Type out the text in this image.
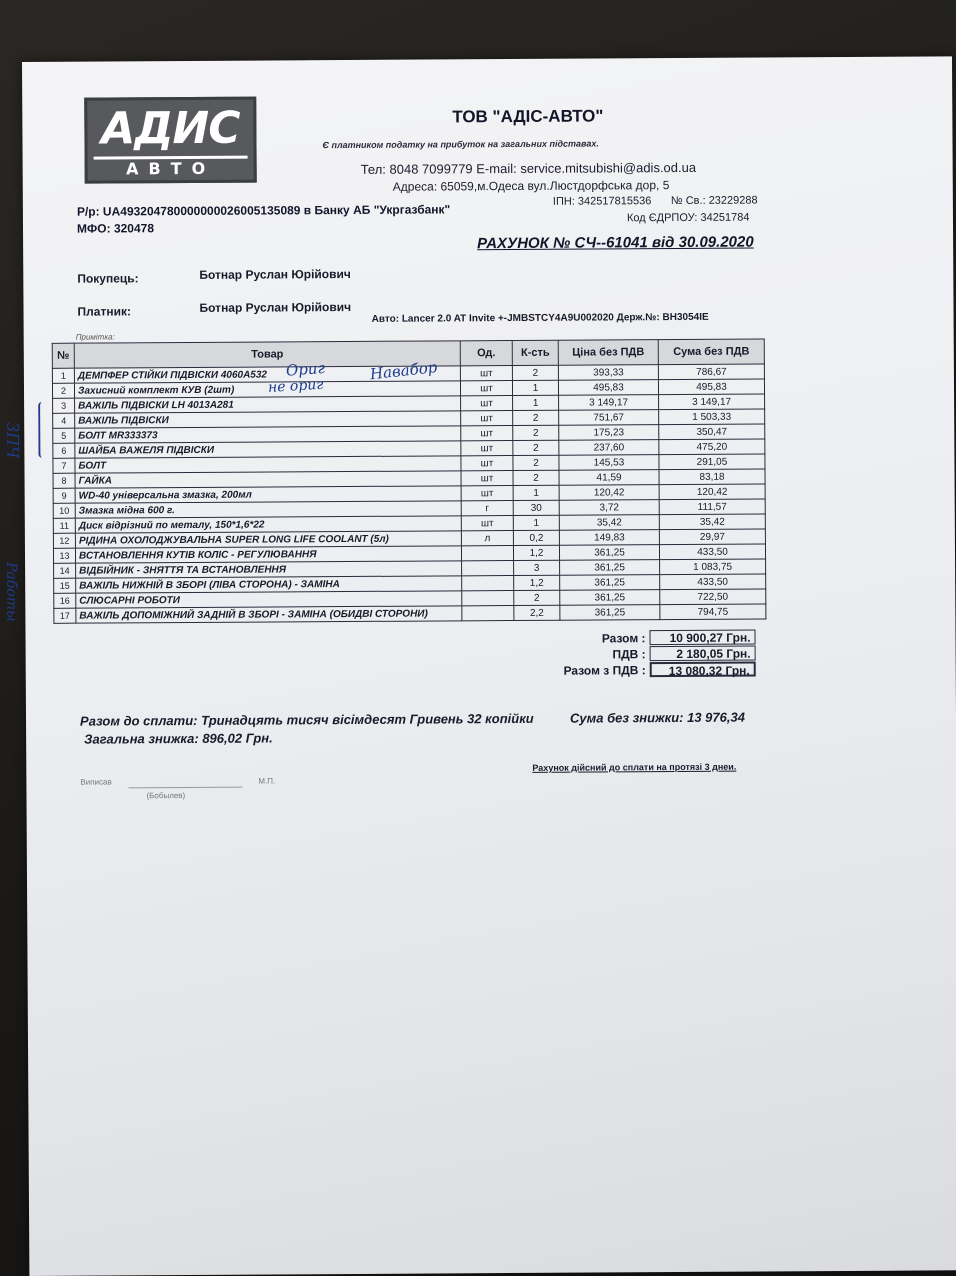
АДИС
АВТО
ТОВ "АДІС-АВТО"
Є платником податку на прибуток на загальних підставах.
Тел: 8048 7099779 E-mail: service.mitsubishi@adis.od.ua
Адреса: 65059,м.Одеса вул.Люстдорфська дор, 5
ІПН: 342517815536 № Св.: 23229288
Код ЄДРПОУ: 34251784
Р/р: UA493204780000000026005135089 в Банку АБ "Укргазбанк"
МФО: 320478
РАХУНОК № СЧ--61041 від 30.09.2020
Покупець:	Ботнар Руслан Юрійович
Платник:	Ботнар Руслан Юрійович
Авто: Lancer 2.0 AT Invite +-JMBSTCY4A9U002020 Держ.№: ВН3054ІЕ
Примітка:
№	Товар	Од.	К-сть	Ціна без ПДВ	Сума без ПДВ
1	ДЕМПФЕР СТІЙКИ ПІДВІСКИ 4060А532	шт	2	393,33	786,67
2	Захисний комплект КУВ (2шт)	шт	1	495,83	495,83
3	ВАЖІЛЬ ПІДВІСКИ LH 4013А281	шт	1	3 149,17	3 149,17
4	ВАЖІЛЬ ПІДВІСКИ	шт	2	751,67	1 503,33
5	БОЛТ MR333373	шт	2	175,23	350,47
6	ШАЙБА ВАЖЕЛЯ ПІДВІСКИ	шт	2	237,60	475,20
7	БОЛТ	шт	2	145,53	291,05
8	ГАЙКА	шт	2	41,59	83,18
9	WD-40 універсальна змазка, 200мл	шт	1	120,42	120,42
10	Змазка мідна 600 г.	г	30	3,72	111,57
11	Диск відрізний по металу, 150*1,6*22	шт	1	35,42	35,42
12	РІДИНА ОХОЛОДЖУВАЛЬНА SUPER LONG LIFE COOLANT (5л)	л	0,2	149,83	29,97
13	ВСТАНОВЛЕННЯ КУТІВ КОЛІС - РЕГУЛЮВАННЯ		1,2	361,25	433,50
14	ВІДБІЙНИК - ЗНЯТТЯ ТА ВСТАНОВЛЕННЯ		3	361,25	1 083,75
15	ВАЖІЛЬ НИЖНІЙ В ЗБОРІ (ЛІВА СТОРОНА) - ЗАМІНА		1,2	361,25	433,50
16	СЛЮСАРНІ РОБОТИ		2	361,25	722,50
17	ВАЖІЛЬ ДОПОМІЖНИЙ ЗАДНІЙ В ЗБОРІ - ЗАМІНА (ОБИДВІ СТОРОНИ)		2,2	361,25	794,75
Разом :	10 900,27 Грн.
ПДВ :	2 180,05 Грн.
Разом з ПДВ :	13 080,32 Грн.
Разом до сплати: Тринадцять тисяч вісімдесят Гривень 32 копійки	Сума без знижки: 13 976,34
Загальна знижка: 896,02 Грн.
Рахунок дійсний до сплати на протязі 3 днеи.
Виписав	М.П.
(Бобылев)
Ориг
не ориг
Навабор
ЗПЧ
Работы
